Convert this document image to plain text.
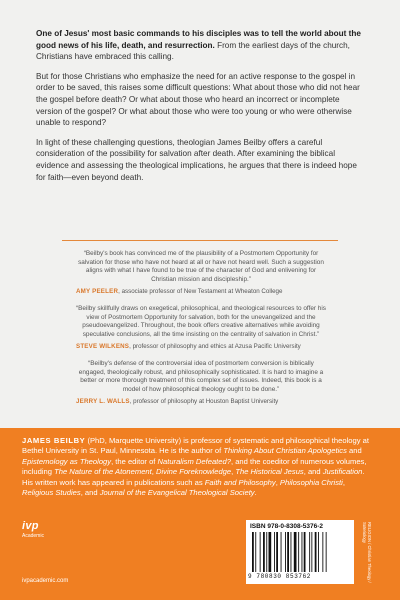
One of Jesus' most basic commands to his disciples was to tell the world about the good news of his life, death, and resurrection. From the earliest days of the church, Christians have embraced this calling.

But for those Christians who emphasize the need for an active response to the gospel in order to be saved, this raises some difficult questions: What about those who did not hear the gospel before death? Or what about those who heard an incorrect or incomplete version of the gospel? Or what about those who were too young or who were otherwise unable to respond?

In light of these challenging questions, theologian James Beilby offers a careful consideration of the possibility for salvation after death. After examining the biblical evidence and assessing the theological implications, he argues that there is indeed hope for faith—even beyond death.

“Beilby's book has convinced me of the plausibility of a Postmortem Opportunity for salvation for those who have not heard at all or have not heard well. Such a suggestion aligns with what I have found to be true of the character of God and enlivening for Christian mission and discipleship.”

AMY PEELER, associate professor of New Testament at Wheaton College

“Beilby skillfully draws on exegetical, philosophical, and theological resources to offer his view of Postmortem Opportunity for salvation, both for the unevangelized and the pseudoevangelized. Throughout, the book offers creative alternatives while avoiding speculative conclusions, all the time insisting on the centrality of salvation in Christ.”

STEVE WILKENS, professor of philosophy and ethics at Azusa Pacific University

“Beilby's defense of the controversial idea of postmortem conversion is biblically engaged, theologically robust, and philosophically sophisticated. It is hard to imagine a better or more thorough treatment of this complex set of issues. Indeed, this book is a model of how philosophical theology ought to be done.”

JERRY L. WALLS, professor of philosophy at Houston Baptist University
JAMES BEILBY (PhD, Marquette University) is professor of systematic and philosophical theology at Bethel University in St. Paul, Minnesota. He is the author of Thinking About Christian Apologetics and Epistemology as Theology, the editor of Naturalism Defeated?, and the coeditor of numerous volumes, including The Nature of the Atonement, Divine Foreknowledge, The Historical Jesus, and Justification. His written work has appeared in publications such as Faith and Philosophy, Philosophia Christi, Religious Studies, and Journal of the Evangelical Theological Society.
ivp
Academic
ivpacademic.com
ISBN 978-0-8308-5376-2
9 780830 853762	RELIGION / Christian Theology / Soteriology
